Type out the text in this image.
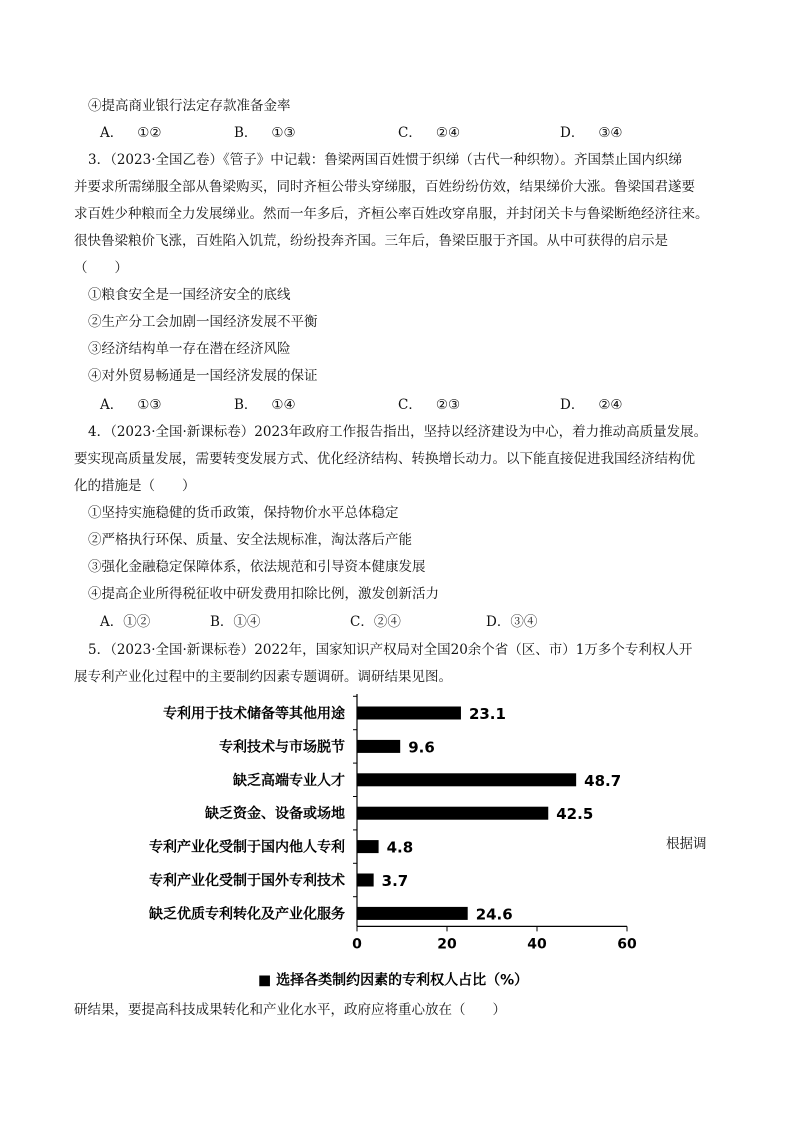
④提高商业银行法定存款准备金率
A． ①②	B． ①③	C． ②④	D． ③④
3．（2023·全国乙卷）《管子》中记载：鲁梁两国百姓惯于织绨（古代一种织物）。齐国禁止国内织绨
并要求所需绨服全部从鲁梁购买，同时齐桓公带头穿绨服，百姓纷纷仿效，结果绨价大涨。鲁梁国君遂要
求百姓少种粮而全力发展绨业。然而一年多后，齐桓公率百姓改穿帛服，并封闭关卡与鲁梁断绝经济往来。
很快鲁梁粮价飞涨，百姓陷入饥荒，纷纷投奔齐国。三年后，鲁梁臣服于齐国。从中可获得的启示是
（　　）
①粮食安全是一国经济安全的底线
②生产分工会加剧一国经济发展不平衡
③经济结构单一存在潜在经济风险
④对外贸易畅通是一国经济发展的保证
A． ①③	B． ①④	C． ②③	D． ②④
4．（2023·全国·新课标卷）2023年政府工作报告指出，坚持以经济建设为中心，着力推动高质量发展。
要实现高质量发展，需要转变发展方式、优化经济结构、转换增长动力。以下能直接促进我国经济结构优
化的措施是（　　）
①坚持实施稳健的货币政策，保持物价水平总体稳定
②严格执行环保、质量、安全法规标准，淘汰落后产能
③强化金融稳定保障体系，依法规范和引导资本健康发展
④提高企业所得税征收中研发费用扣除比例，激发创新活力
A．①②	B．①④	C．②④	D．③④
5．（2023·全国·新课标卷）2022年，国家知识产权局对全国20余个省（区、市）1万多个专利权人开
展专利产业化过程中的主要制约因素专题调研。调研结果见图。
专利用于技术储备等其他用途	23.1
专利技术与市场脱节	9.6
缺乏高端专业人才	48.7
缺乏资金、设备或场地	42.5
专利产业化受制于国内他人专利	4.8
专利产业化受制于国外专利技术 3.7
缺乏优质专利转化及产业化服务	24.6
0	20	40	60
■ 选择各类制约因素的专利权人占比（%）
根据调
研结果，要提高科技成果转化和产业化水平，政府应将重心放在（　　）
